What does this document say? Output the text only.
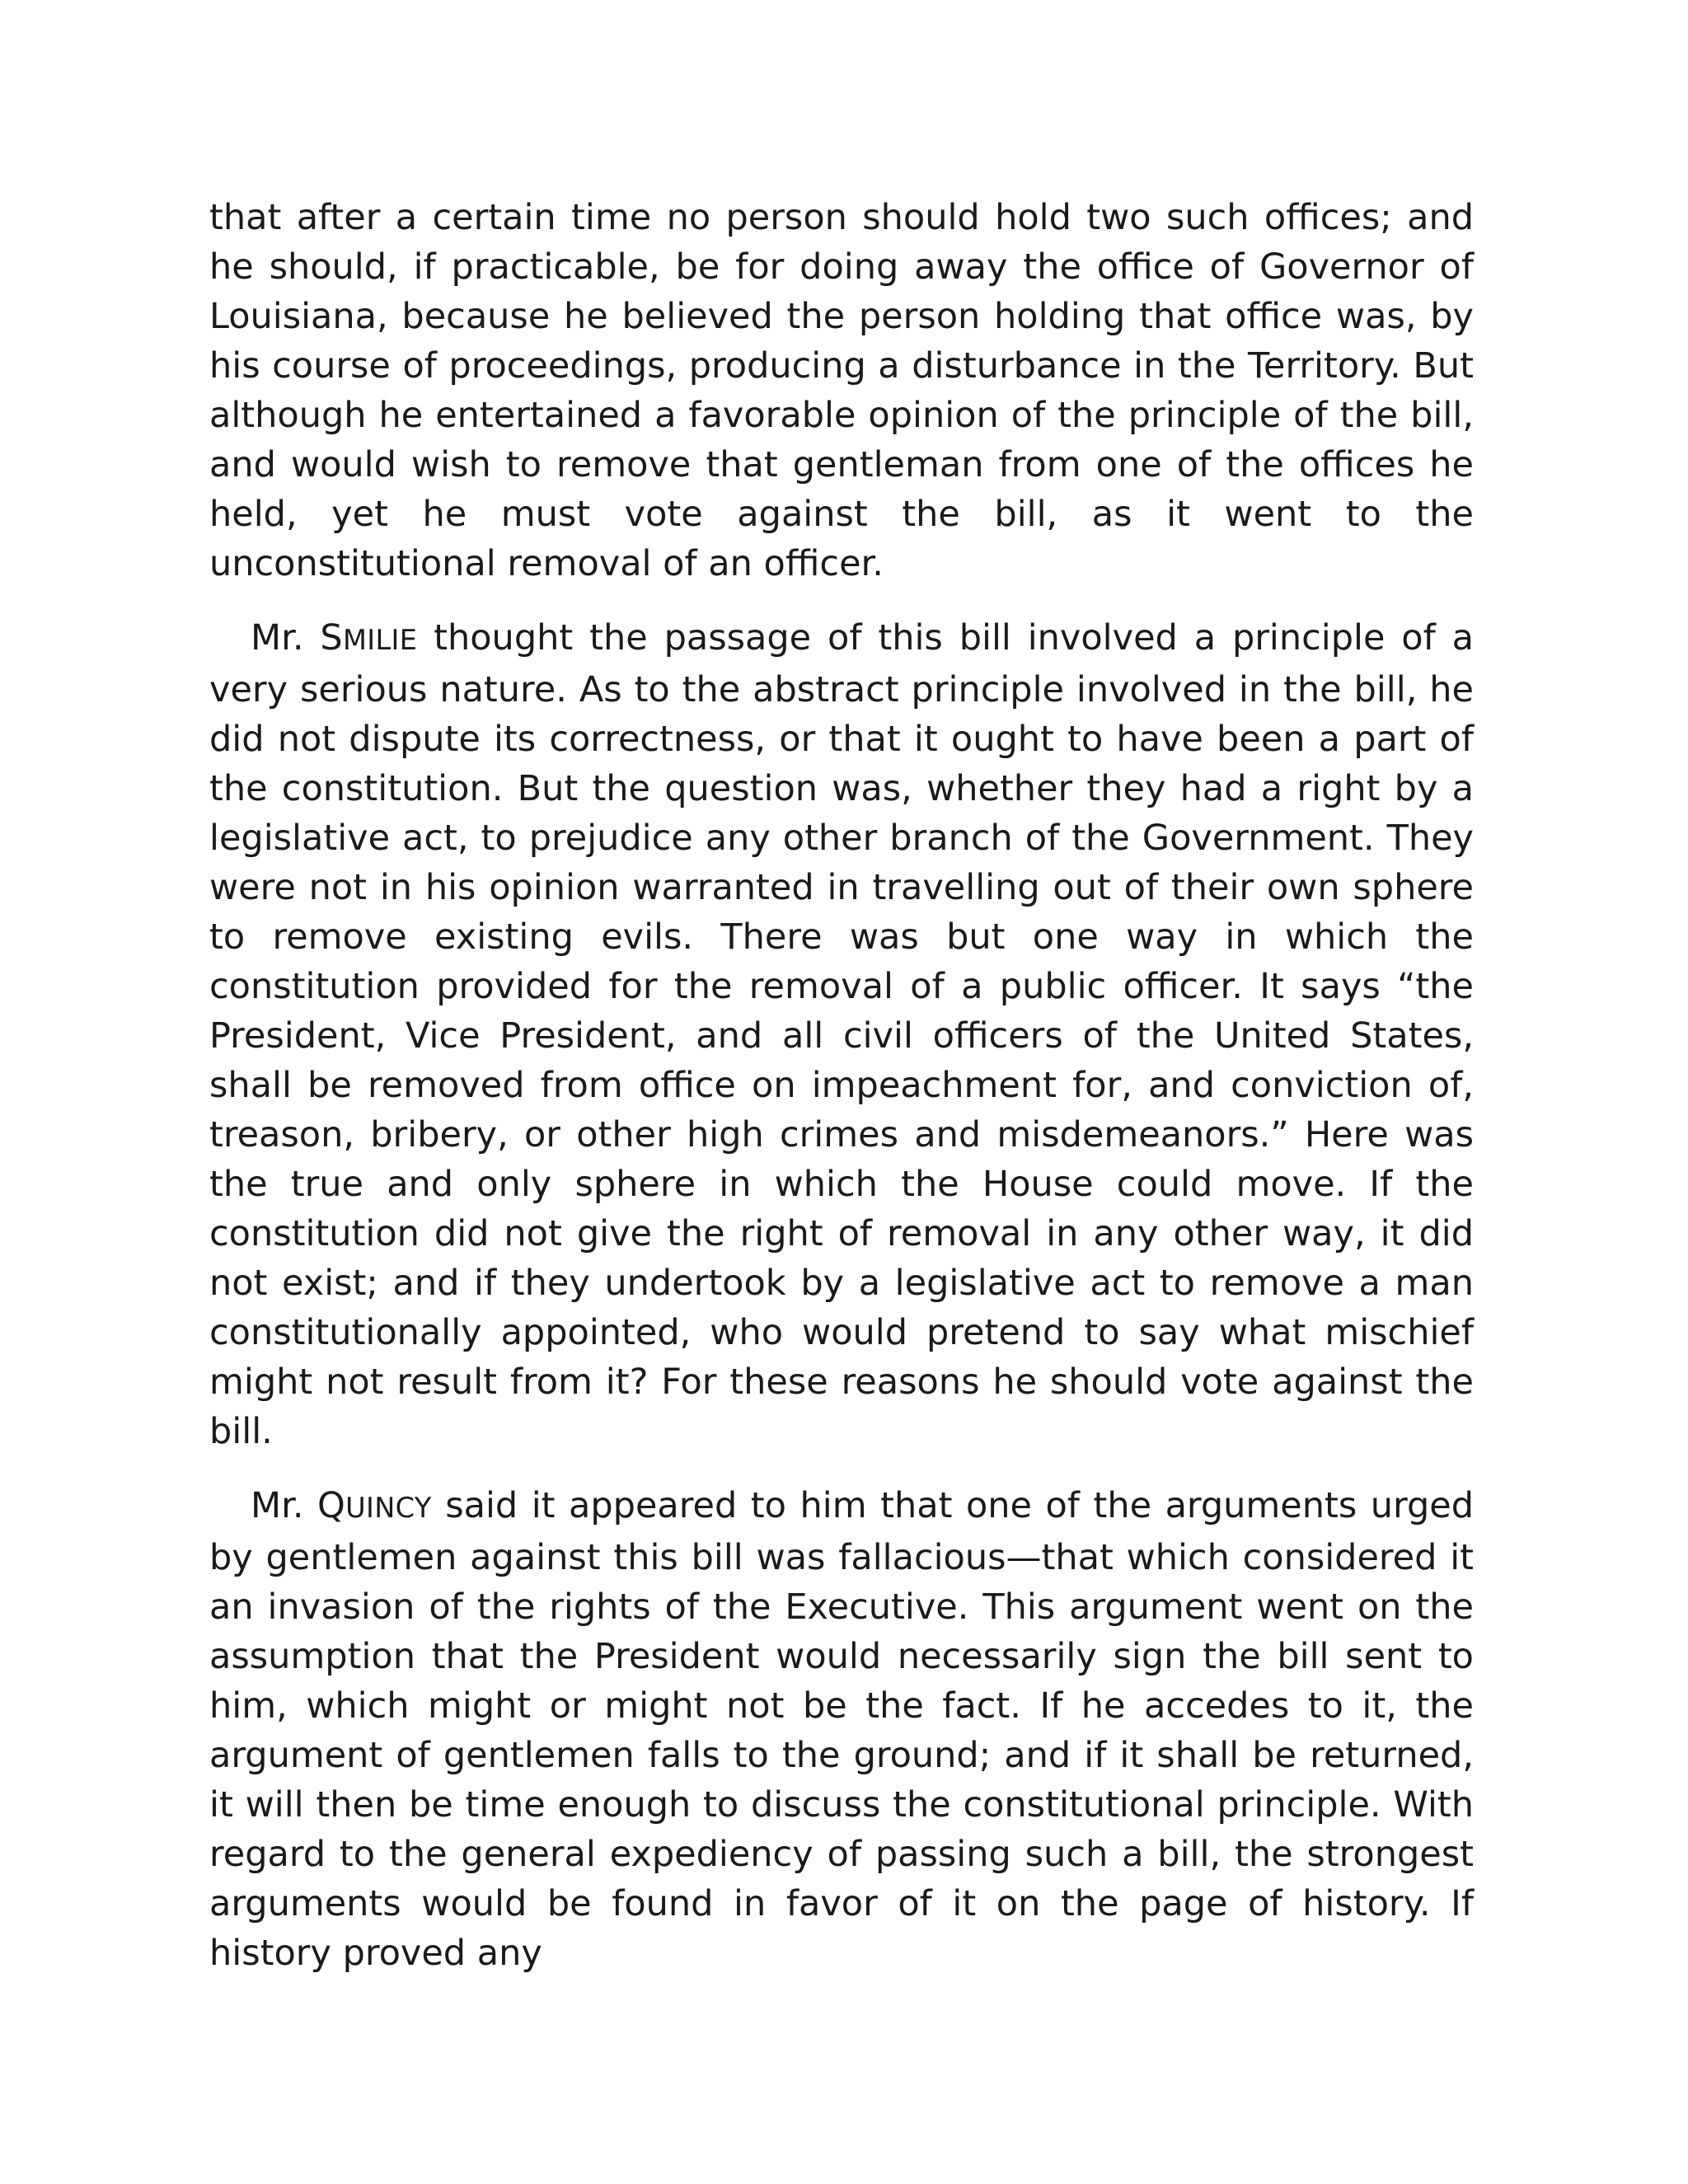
that after a certain time no person should hold two such offices; and he should, if practicable, be for doing away the office of Governor of Louisiana, because he believed the person holding that office was, by his course of proceedings, producing a disturbance in the Territory. But although he entertained a favorable opinion of the principle of the bill, and would wish to remove that gentleman from one of the offices he held, yet he must vote against the bill, as it went to the unconstitutional removal of an officer.

Mr. SMILIE thought the passage of this bill involved a principle of a very serious nature. As to the abstract principle involved in the bill, he did not dispute its correctness, or that it ought to have been a part of the constitution. But the question was, whether they had a right by a legislative act, to prejudice any other branch of the Government. They were not in his opinion warranted in travelling out of their own sphere to remove existing evils. There was but one way in which the constitution provided for the removal of a public officer. It says “the President, Vice President, and all civil officers of the United States, shall be removed from office on impeachment for, and conviction of, treason, bribery, or other high crimes and misdemeanors.” Here was the true and only sphere in which the House could move. If the constitution did not give the right of removal in any other way, it did not exist; and if they undertook by a legislative act to remove a man constitutionally appointed, who would pretend to say what mischief might not result from it? For these reasons he should vote against the bill.

Mr. QUINCY said it appeared to him that one of the arguments urged by gentlemen against this bill was fallacious—that which considered it an invasion of the rights of the Executive. This argument went on the assumption that the President would necessarily sign the bill sent to him, which might or might not be the fact. If he accedes to it, the argument of gentlemen falls to the ground; and if it shall be returned, it will then be time enough to discuss the constitutional principle. With regard to the general expediency of passing such a bill, the strongest arguments would be found in favor of it on the page of history. If history proved any
